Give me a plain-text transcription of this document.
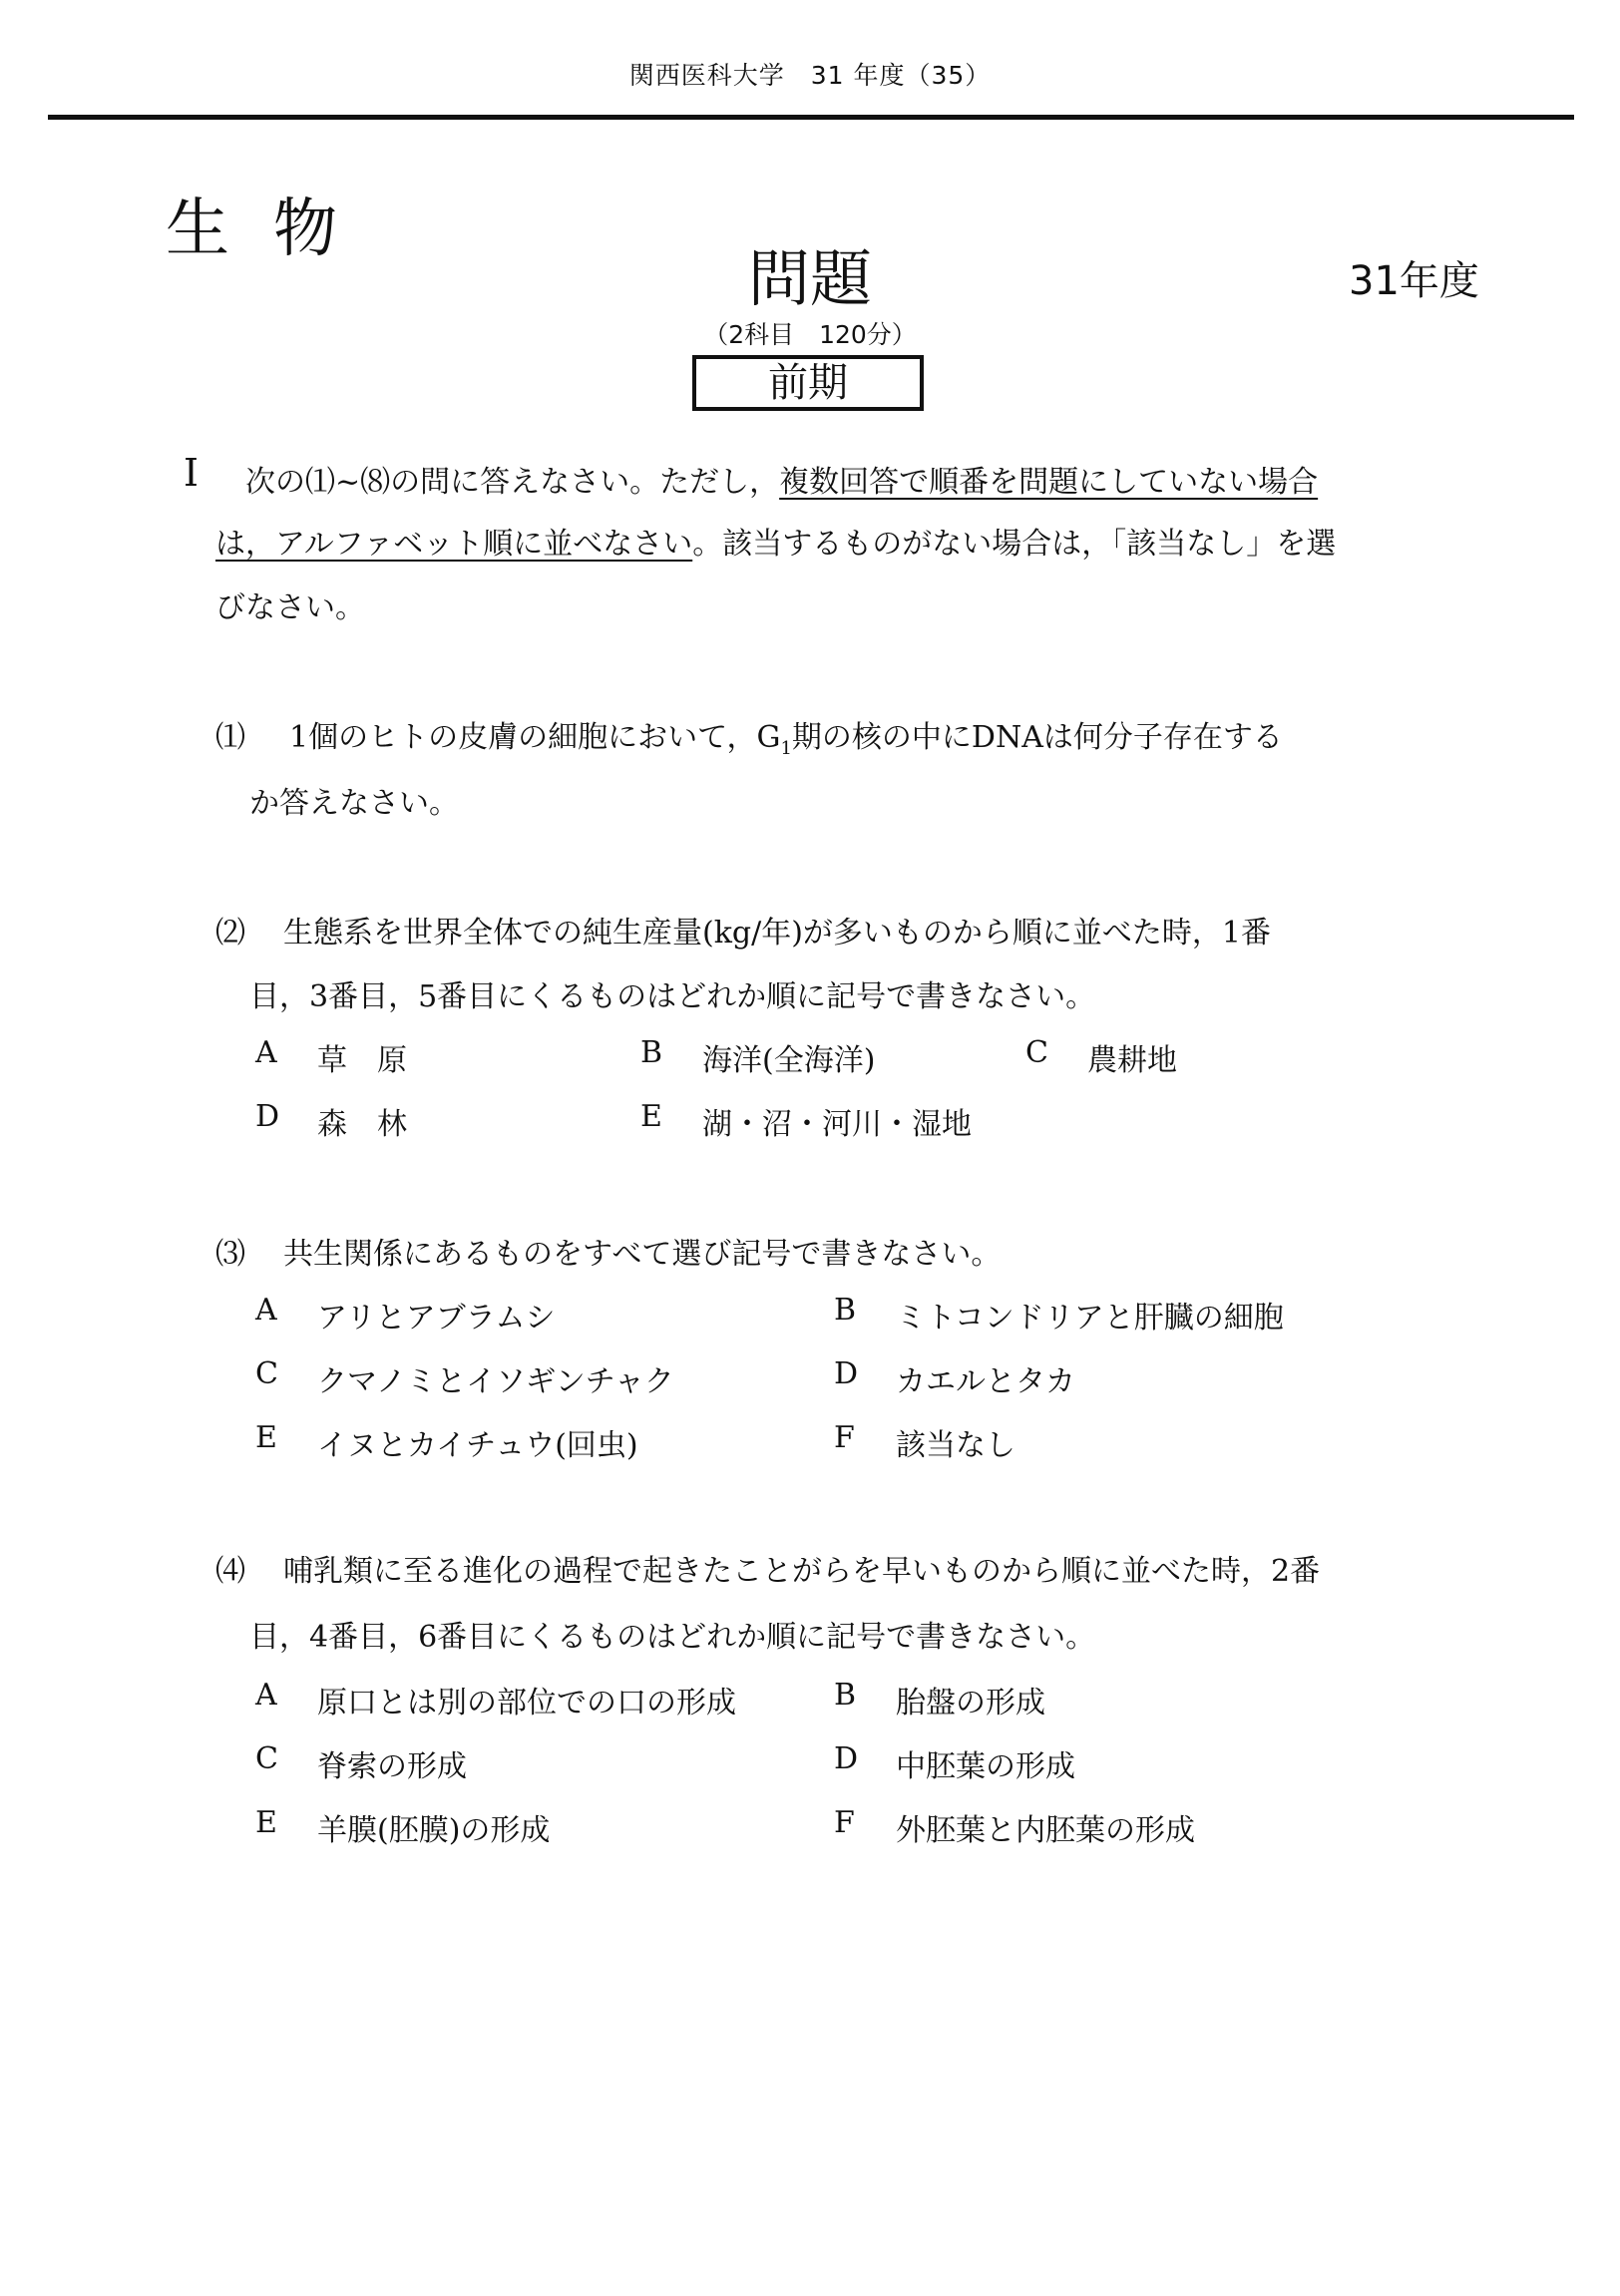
関西医科大学　31 年度（35）
生物
問題	31年度
（2科目　120分）
前期
Ⅰ 次の⑴~⑻の問に答えなさい。ただし，複数回答で順番を問題にしていない場合
は，アルファベット順に並べなさい。該当するものがない場合は，「該当なし」を選
びなさい。
⑴ 1個のヒトの皮膚の細胞において，$G_1$期の核の中にDNAは何分子存在する
か答えなさい。
⑵ 生態系を世界全体での純生産量(kg/年)が多いものから順に並べた時，1番
目，3番目，5番目にくるものはどれか順に記号で書きなさい。
A 草　原	B 海洋(全海洋)	C 農耕地
D 森　林	E 湖・沼・河川・湿地
⑶ 共生関係にあるものをすべて選び記号で書きなさい。
A アリとアブラムシ	B ミトコンドリアと肝臓の細胞
C クマノミとイソギンチャク	D カエルとタカ
E イヌとカイチュウ(回虫)	F 該当なし
⑷ 哺乳類に至る進化の過程で起きたことがらを早いものから順に並べた時，2番
目，4番目，6番目にくるものはどれか順に記号で書きなさい。
A 原口とは別の部位での口の形成	B 胎盤の形成
C 脊索の形成	D 中胚葉の形成
E 羊膜(胚膜)の形成	F 外胚葉と内胚葉の形成
